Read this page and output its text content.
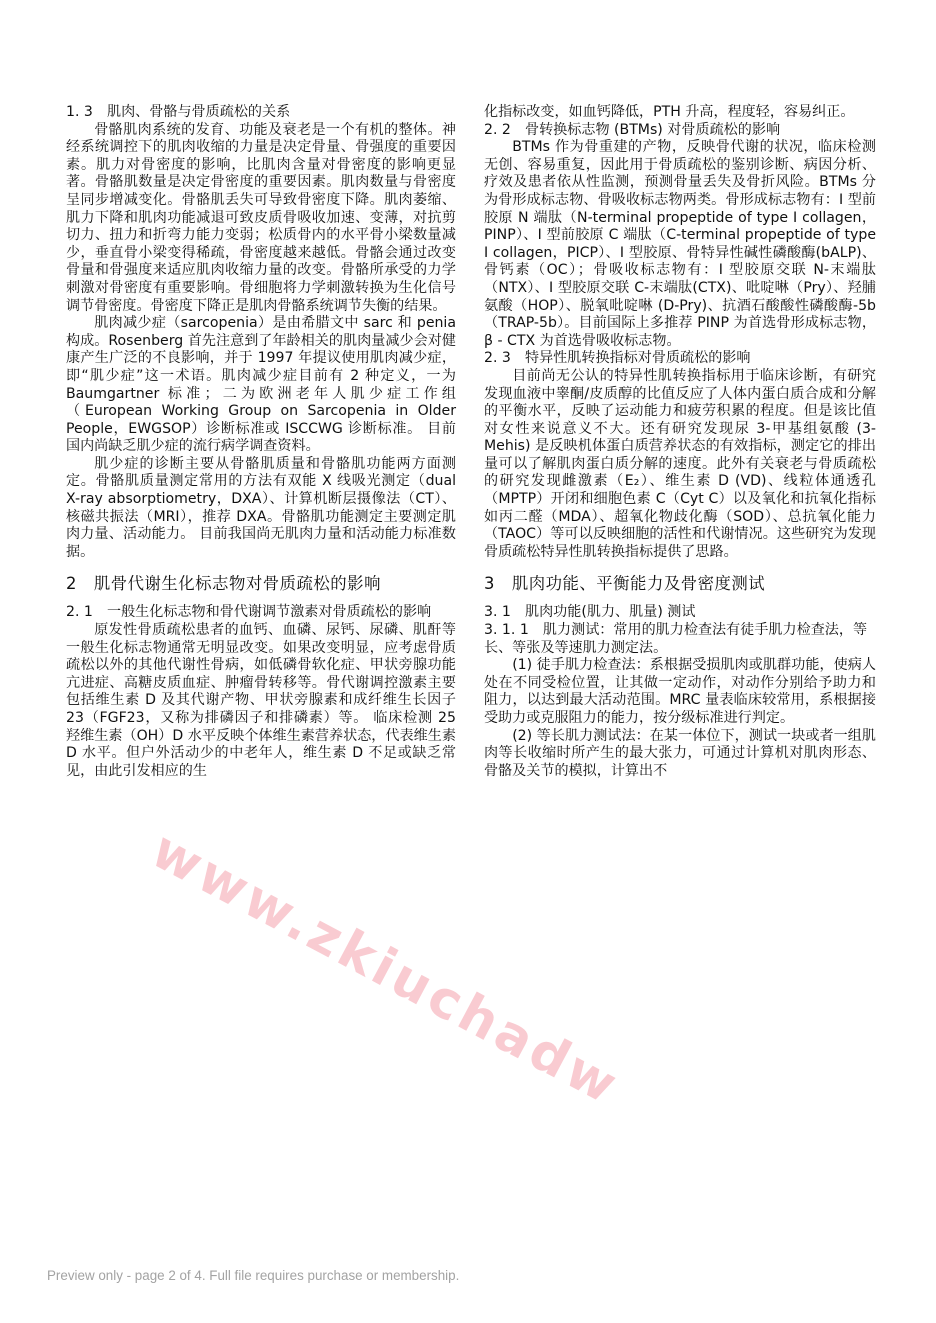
1. 3　肌肉、骨骼与骨质疏松的关系

骨骼肌肉系统的发育、功能及衰老是一个有机的整体。神经系统调控下的肌肉收缩的力量是决定骨量、骨强度的重要因素。肌力对骨密度的影响，比肌肉含量对骨密度的影响更显著。骨骼肌数量是决定骨密度的重要因素。肌肉数量与骨密度呈同步增减变化。骨骼肌丢失可导致骨密度下降。肌肉萎缩、肌力下降和肌肉功能减退可致皮质骨吸收加速、变薄，对抗剪切力、扭力和折弯力能力变弱；松质骨内的水平骨小梁数量减少，垂直骨小梁变得稀疏，骨密度越来越低。骨骼会通过改变骨量和骨强度来适应肌肉收缩力量的改变。骨骼所承受的力学刺激对骨密度有重要影响。骨细胞将力学刺激转换为生化信号调节骨密度。骨密度下降正是肌肉骨骼系统调节失衡的结果。

肌肉减少症（sarcopenia）是由希腊文中 sarc 和 penia 构成。Rosenberg 首先注意到了年龄相关的肌肉量减少会对健康产生广泛的不良影响，并于 1997 年提议使用肌肉减少症，即“肌少症”这一术语。肌肉减少症目前有 2 种定义，一为 Baumgartner 标准；二为欧洲老年人肌少症工作组（European Working Group on Sarcopenia in Older People，EWGSOP）诊断标准或 ISCCWG 诊断标准。 目前国内尚缺乏肌少症的流行病学调查资料。

肌少症的诊断主要从骨骼肌质量和骨骼肌功能两方面测定。骨骼肌质量测定常用的方法有双能 X 线吸光测定（dual X-ray absorptiometry，DXA）、计算机断层摄像法（CT）、核磁共振法（MRI），推荐 DXA。骨骼肌功能测定主要测定肌肉力量、活动能力。 目前我国尚无肌肉力量和活动能力标准数据。

2　肌骨代谢生化标志物对骨质疏松的影响
2. 1　一般生化标志物和骨代谢调节激素对骨质疏松的影响

原发性骨质疏松患者的血钙、血磷、尿钙、尿磷、肌酐等一般生化标志物通常无明显改变。如果改变明显，应考虑骨质疏松以外的其他代谢性骨病，如低磷骨软化症、甲状旁腺功能亢进症、高糖皮质血症、肿瘤骨转移等。骨代谢调控激素主要包括维生素 D 及其代谢产物、甲状旁腺素和成纤维生长因子 23（FGF23，又称为排磷因子和排磷素）等。 临床检测 25 羟维生素（OH）D 水平反映个体维生素营养状态，代表维生素 D 水平。但户外活动少的中老年人，维生素 D 不足或缺乏常见，由此引发相应的生

化指标改变，如血钙降低，PTH 升高，程度轻，容易纠正。

2. 2　骨转换标志物 (BTMs) 对骨质疏松的影响

BTMs 作为骨重建的产物，反映骨代谢的状况，临床检测无创、容易重复，因此用于骨质疏松的鉴别诊断、病因分析、疗效及患者依从性监测，预测骨量丢失及骨折风险。BTMs 分为骨形成标志物、骨吸收标志物两类。骨形成标志物有：I 型前胶原 N 端肽（N-terminal propeptide of type I collagen，PINP）、I 型前胶原 C 端肽（C-terminal propeptide of type I collagen，PICP）、I 型胶原、骨特异性碱性磷酸酶(bALP)、骨钙素（OC）；骨吸收标志物有：I 型胶原交联 N-末端肽（NTX）、I 型胶原交联 C-末端肽(CTX)、吡啶啉（Pry）、羟脯氨酸（HOP）、脱氧吡啶啉 (D-Pry)、抗酒石酸酸性磷酸酶-5b（TRAP-5b）。目前国际上多推荐 PINP 为首选骨形成标志物，β - CTX 为首选骨吸收标志物。

2. 3　特异性肌转换指标对骨质疏松的影响

目前尚无公认的特异性肌转换指标用于临床诊断，有研究发现血液中睾酮/皮质醇的比值反应了人体内蛋白质合成和分解的平衡水平，反映了运动能力和疲劳积累的程度。但是该比值对女性来说意义不大。还有研究发现尿 3-甲基组氨酸 (3-Mehis) 是反映机体蛋白质营养状态的有效指标，测定它的排出量可以了解肌肉蛋白质分解的速度。此外有关衰老与骨质疏松的研究发现雌激素（E₂）、维生素 D (VD)、线粒体通透孔（MPTP）开闭和细胞色素 C（Cyt C）以及氧化和抗氧化指标如丙二醛（MDA）、超氧化物歧化酶（SOD）、总抗氧化能力（TAOC）等可以反映细胞的活性和代谢情况。这些研究为发现骨质疏松特异性肌转换指标提供了思路。

3　肌肉功能、平衡能力及骨密度测试
3. 1　肌肉功能(肌力、肌量) 测试
3. 1. 1　肌力测试：常用的肌力检查法有徒手肌力检查法，等长、等张及等速肌力测定法。

(1) 徒手肌力检查法：系根据受损肌肉或肌群功能，使病人处在不同受检位置，让其做一定动作，对动作分别给予助力和阻力，以达到最大活动范围。MRC 量表临床较常用，系根据接受助力或克服阻力的能力，按分级标准进行判定。

(2) 等长肌力测试法：在某一体位下，测试一块或者一组肌肉等长收缩时所产生的最大张力，可通过计算机对肌肉形态、骨骼及关节的模拟，计算出不

www.zkiuchadw
Preview only - page 2 of 4. Full file requires purchase or membership.
